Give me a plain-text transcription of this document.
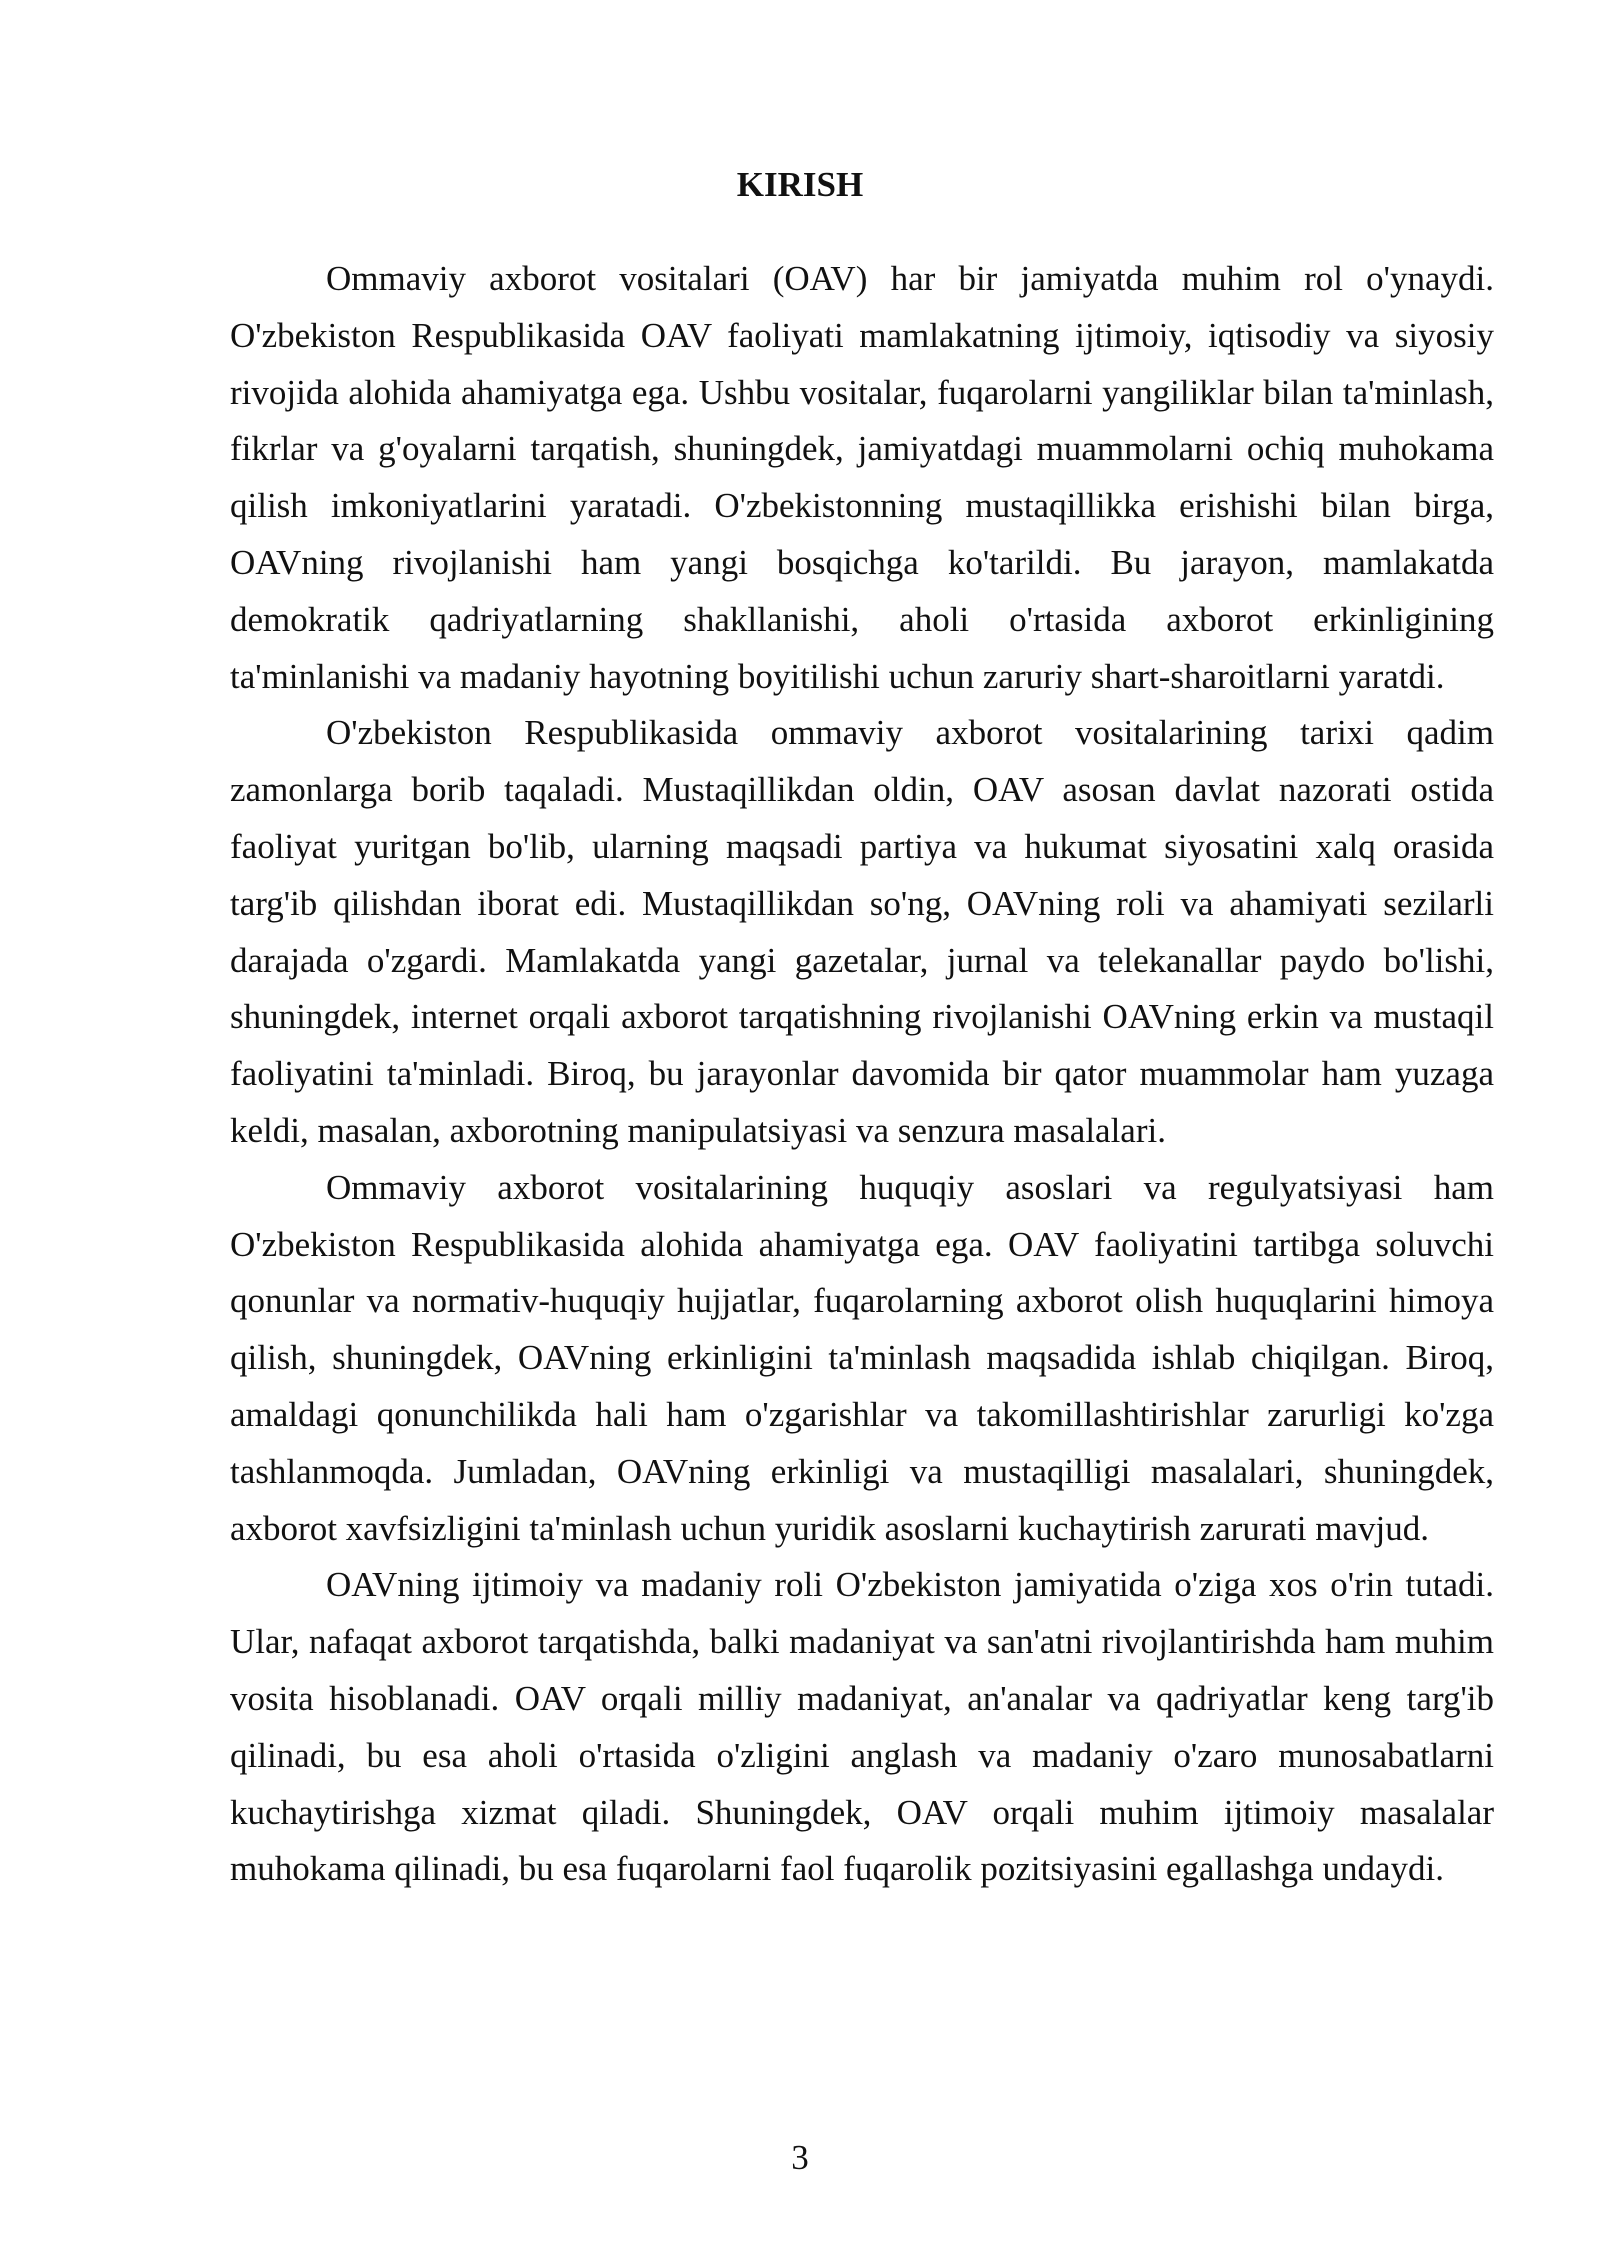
KIRISH

Ommaviy axborot vositalari (OAV) har bir jamiyatda muhim rol o'ynaydi. O'zbekiston Respublikasida OAV faoliyati mamlakatning ijtimoiy, iqtisodiy va siyosiy rivojida alohida ahamiyatga ega. Ushbu vositalar, fuqarolarni yangiliklar bilan ta'minlash, fikrlar va g'oyalarni tarqatish, shuningdek, jamiyatdagi muammolarni ochiq muhokama qilish imkoniyatlarini yaratadi. O'zbekistonning mustaqillikka erishishi bilan birga, OAVning rivojlanishi ham yangi bosqichga ko'tarildi. Bu jarayon, mamlakatda demokratik qadriyatlarning shakllanishi, aholi o'rtasida axborot erkinligining ta'minlanishi va madaniy hayotning boyitilishi uchun zaruriy shart-sharoitlarni yaratdi.

O'zbekiston Respublikasida ommaviy axborot vositalarining tarixi qadim zamonlarga borib taqaladi. Mustaqillikdan oldin, OAV asosan davlat nazorati ostida faoliyat yuritgan bo'lib, ularning maqsadi partiya va hukumat siyosatini xalq orasida targ'ib qilishdan iborat edi. Mustaqillikdan so'ng, OAVning roli va ahamiyati sezilarli darajada o'zgardi. Mamlakatda yangi gazetalar, jurnal va telekanallar paydo bo'lishi, shuningdek, internet orqali axborot tarqatishning rivojlanishi OAVning erkin va mustaqil faoliyatini ta'minladi. Biroq, bu jarayonlar davomida bir qator muammolar ham yuzaga keldi, masalan, axborotning manipulatsiyasi va senzura masalalari.

Ommaviy axborot vositalarining huquqiy asoslari va regulyatsiyasi ham O'zbekiston Respublikasida alohida ahamiyatga ega. OAV faoliyatini tartibga soluvchi qonunlar va normativ-huquqiy hujjatlar, fuqarolarning axborot olish huquqlarini himoya qilish, shuningdek, OAVning erkinligini ta'minlash maqsadida ishlab chiqilgan. Biroq, amaldagi qonunchilikda hali ham o'zgarishlar va takomillashtirishlar zarurligi ko'zga tashlanmoqda. Jumladan, OAVning erkinligi va mustaqilligi masalalari, shuningdek, axborot xavfsizligini ta'minlash uchun yuridik asoslarni kuchaytirish zarurati mavjud.

OAVning ijtimoiy va madaniy roli O'zbekiston jamiyatida o'ziga xos o'rin tutadi. Ular, nafaqat axborot tarqatishda, balki madaniyat va san'atni rivojlantirishda ham muhim vosita hisoblanadi. OAV orqali milliy madaniyat, an'analar va qadriyatlar keng targ'ib qilinadi, bu esa aholi o'rtasida o'zligini anglash va madaniy o'zaro munosabatlarni kuchaytirishga xizmat qiladi. Shuningdek, OAV orqali muhim ijtimoiy masalalar muhokama qilinadi, bu esa fuqarolarni faol fuqarolik pozitsiyasini egallashga undaydi.

3
